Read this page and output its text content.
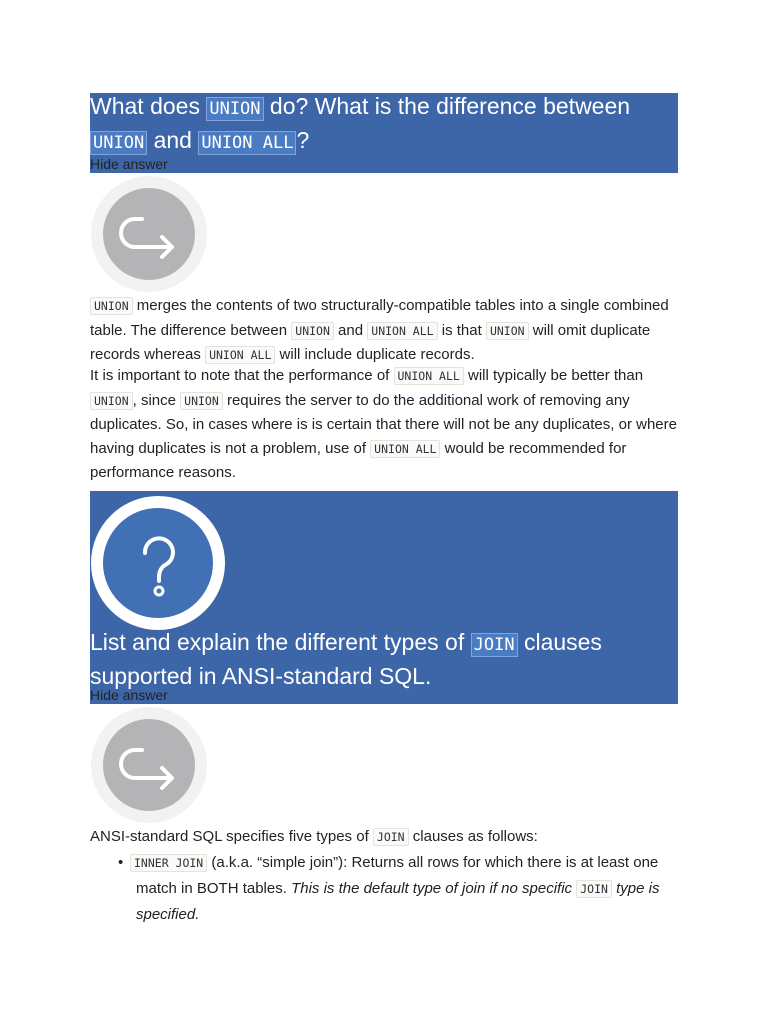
What does UNION do? What is the difference between UNION and UNION ALL ?
Hide answer
UNION merges the contents of two structurally-compatible tables into a single combined table. The difference between UNION and UNION ALL is that UNION will omit duplicate records whereas UNION ALL will include duplicate records.
It is important to note that the performance of UNION ALL will typically be better than UNION , since UNION requires the server to do the additional work of removing any duplicates. So, in cases where is is certain that there will not be any duplicates, or where having duplicates is not a problem, use of UNION ALL would be recommended for performance reasons.
List and explain the different types of JOIN clauses supported in ANSI-standard SQL.
Hide answer
ANSI-standard SQL specifies five types of JOIN clauses as follows:
• INNER JOIN (a.k.a. “simple join”): Returns all rows for which there is at least one match in BOTH tables. This is the default type of join if no specific JOIN type is specified.
